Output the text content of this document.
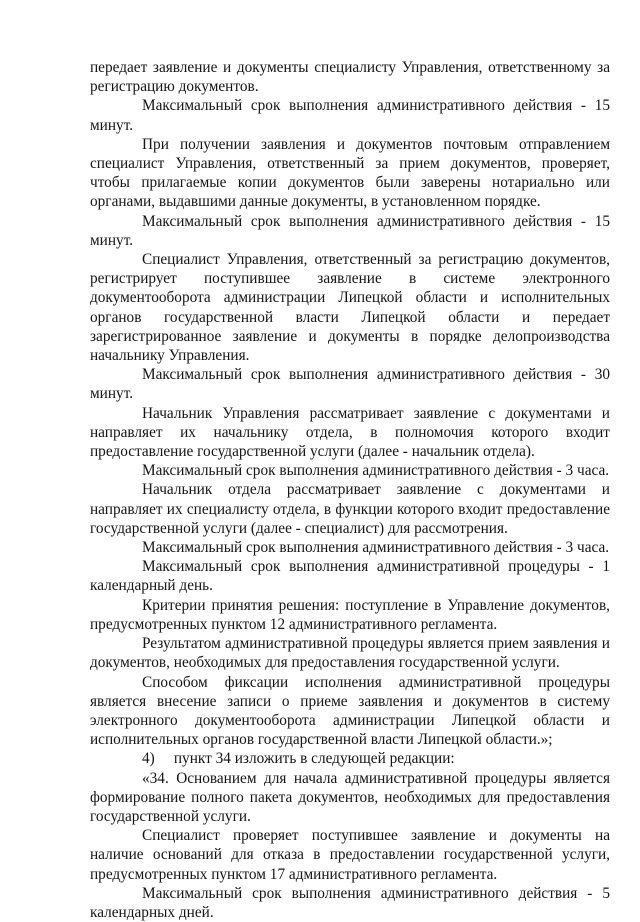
передает заявление и документы специалисту Управления, ответственному за регистрацию документов.

Максимальный срок выполнения административного действия - 15 минут.

При получении заявления и документов почтовым отправлением специалист Управления, ответственный за прием документов, проверяет, чтобы прилагаемые копии документов были заверены нотариально или органами, выдавшими данные документы, в установленном порядке.

Максимальный срок выполнения административного действия - 15 минут.

Специалист Управления, ответственный за регистрацию документов, регистрирует поступившее заявление в системе электронного документооборота администрации Липецкой области и исполнительных органов государственной власти Липецкой области и передает зарегистрированное заявление и документы в порядке делопроизводства начальнику Управления.

Максимальный срок выполнения административного действия - 30 минут.

Начальник Управления рассматривает заявление с документами и направляет их начальнику отдела, в полномочия которого входит предоставление государственной услуги (далее - начальник отдела).

Максимальный срок выполнения административного действия - 3 часа.

Начальник отдела рассматривает заявление с документами и направляет их специалисту отдела, в функции которого входит предоставление государственной услуги (далее - специалист) для рассмотрения.

Максимальный срок выполнения административного действия - 3 часа.

Максимальный срок выполнения административной процедуры - 1 календарный день.

Критерии принятия решения: поступление в Управление документов, предусмотренных пунктом 12 административного регламента.

Результатом административной процедуры является прием заявления и документов, необходимых для предоставления государственной услуги.

Способом фиксации исполнения административной процедуры является внесение записи о приеме заявления и документов в систему электронного документооборота администрации Липецкой области и исполнительных органов государственной власти Липецкой области.»;

4)     пункт 34 изложить в следующей редакции:

«34. Основанием для начала административной процедуры является формирование полного пакета документов, необходимых для предоставления государственной услуги.

Специалист проверяет поступившее заявление и документы на наличие оснований для отказа в предоставлении государственной услуги, предусмотренных пунктом 17 административного регламента.

Максимальный срок выполнения административного действия - 5 календарных дней.
